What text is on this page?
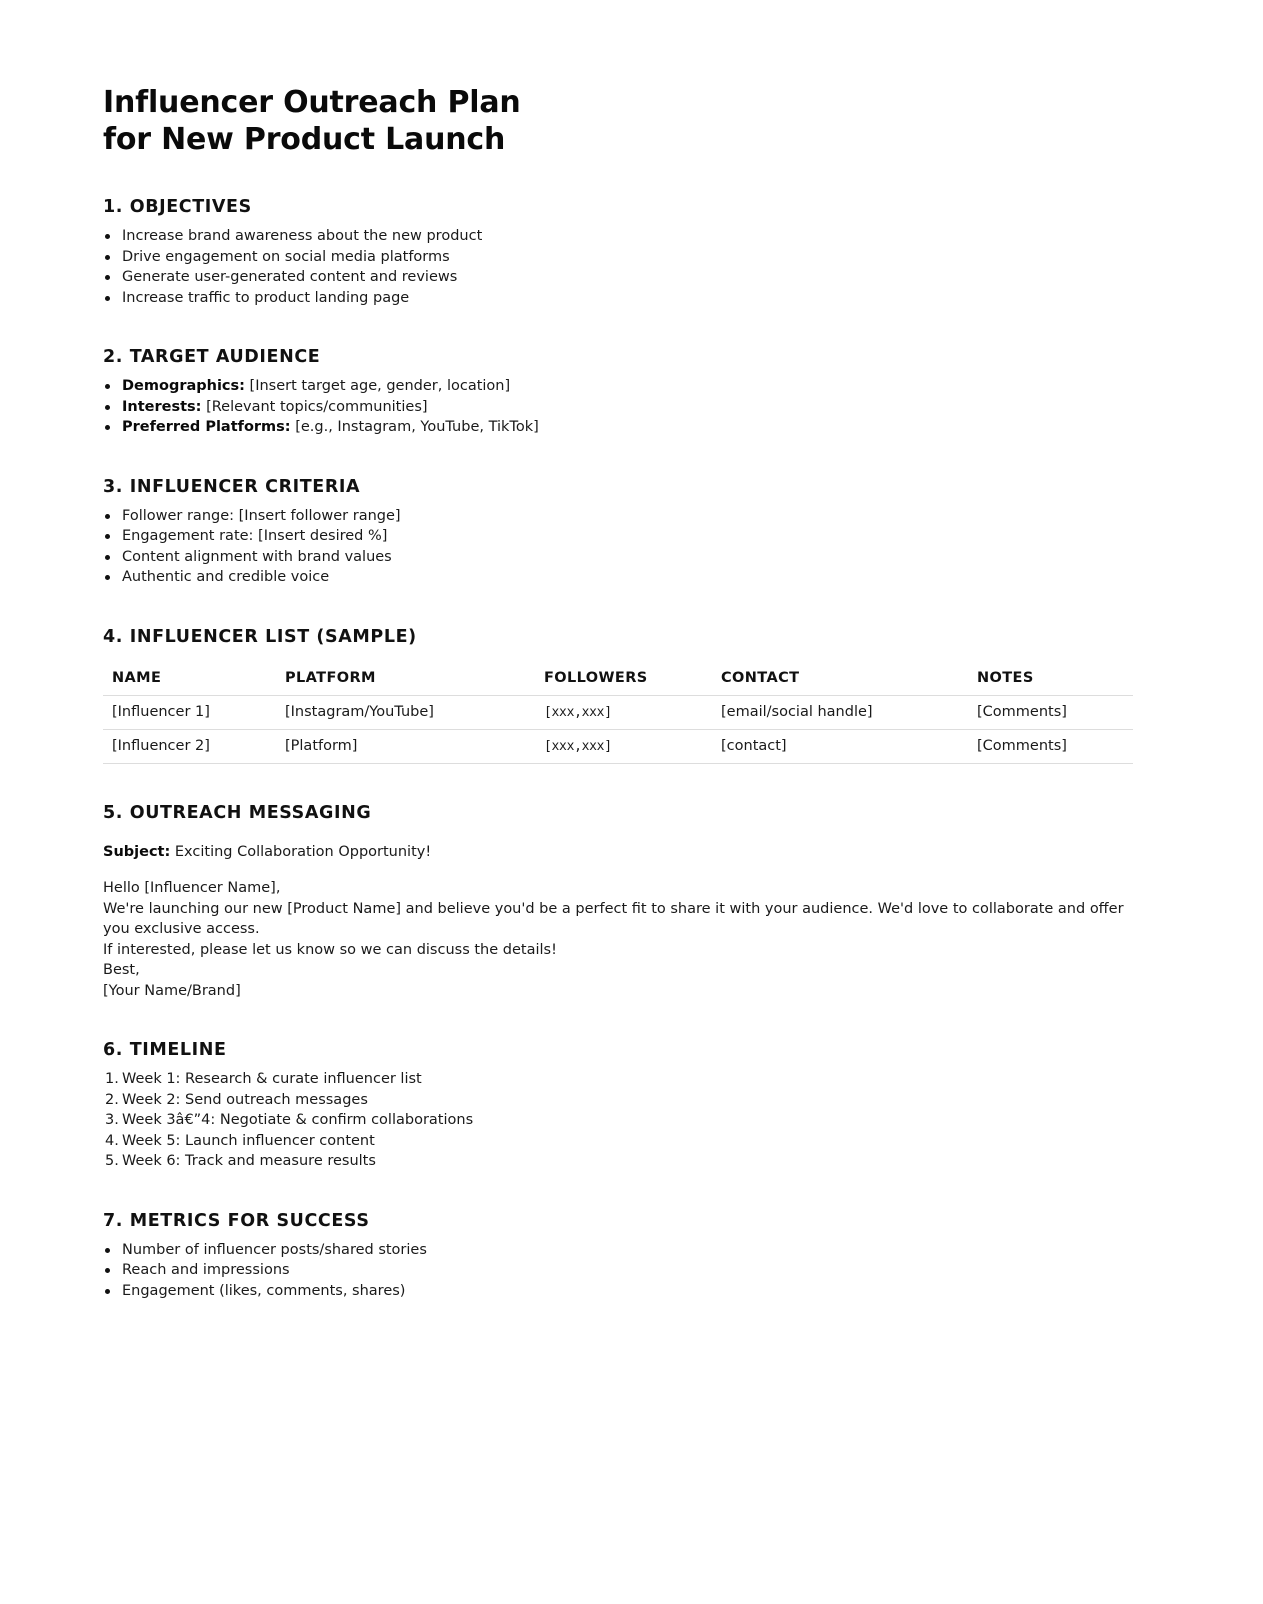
Influencer Outreach Plan
for New Product Launch
1. OBJECTIVES
Increase brand awareness about the new product
Drive engagement on social media platforms
Generate user-generated content and reviews
Increase traffic to product landing page
2. TARGET AUDIENCE
Demographics: [Insert target age, gender, location]
Interests: [Relevant topics/communities]
Preferred Platforms: [e.g., Instagram, YouTube, TikTok]
3. INFLUENCER CRITERIA
Follower range: [Insert follower range]
Engagement rate: [Insert desired %]
Content alignment with brand values
Authentic and credible voice
4. INFLUENCER LIST (SAMPLE)
NAME	PLATFORM	FOLLOWERS	CONTACT	NOTES
[Influencer 1]	[Instagram/YouTube]	[xxx,xxx]	[email/social handle]	[Comments]
[Influencer 2]	[Platform]	[xxx,xxx]	[contact]	[Comments]
5. OUTREACH MESSAGING

Subject: Exciting Collaboration Opportunity!

Hello [Influencer Name],

We're launching our new [Product Name] and believe you'd be a perfect fit to share it with your audience. We'd love to collaborate and offer you exclusive access.

If interested, please let us know so we can discuss the details!

Best,

[Your Name/Brand]

6. TIMELINE
1. Week 1: Research & curate influencer list
2. Week 2: Send outreach messages
3. Week 3â€”4: Negotiate & confirm collaborations
4. Week 5: Launch influencer content
5. Week 6: Track and measure results
7. METRICS FOR SUCCESS
Number of influencer posts/shared stories
Reach and impressions
Engagement (likes, comments, shares)
